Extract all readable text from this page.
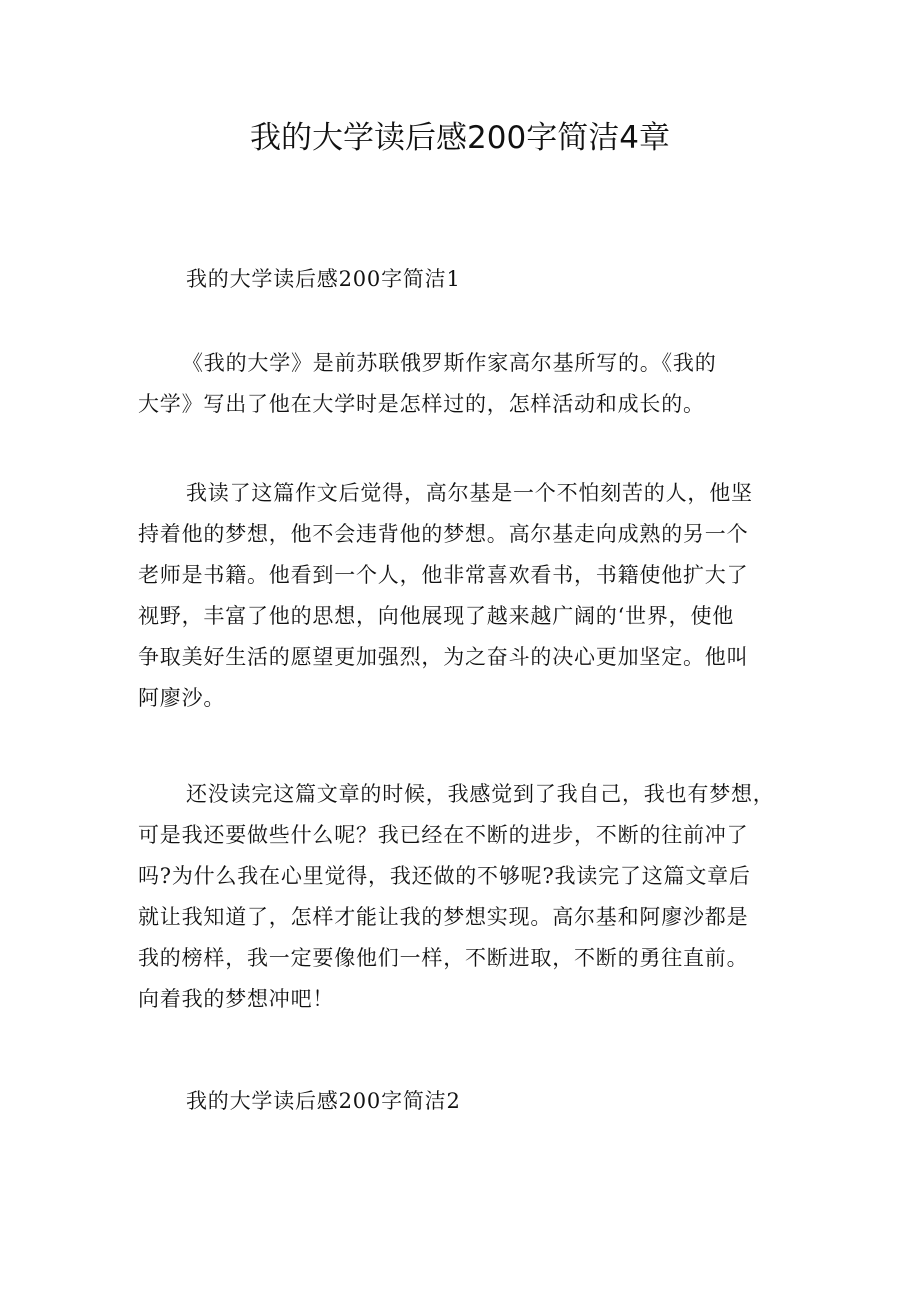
我的大学读后感200字简洁4章

我的大学读后感200字简洁1

《我的大学》是前苏联俄罗斯作家高尔基所写的。《我的
大学》写出了他在大学时是怎样过的，怎样活动和成长的。
我读了这篇作文后觉得，高尔基是一个不怕刻苦的人，他坚
持着他的梦想，他不会违背他的梦想。高尔基走向成熟的另一个
老师是书籍。他看到一个人，他非常喜欢看书，书籍使他扩大了
视野，丰富了他的思想，向他展现了越来越广阔的‘世界，使他
争取美好生活的愿望更加强烈，为之奋斗的决心更加坚定。他叫
阿廖沙。
还没读完这篇文章的时候，我感觉到了我自己，我也有梦想，
可是我还要做些什么呢？我已经在不断的进步，不断的往前冲了
吗?为什么我在心里觉得，我还做的不够呢?我读完了这篇文章后
就让我知道了，怎样才能让我的梦想实现。高尔基和阿廖沙都是
我的榜样，我一定要像他们一样，不断进取，不断的勇往直前。
向着我的梦想冲吧！

我的大学读后感200字简洁2
